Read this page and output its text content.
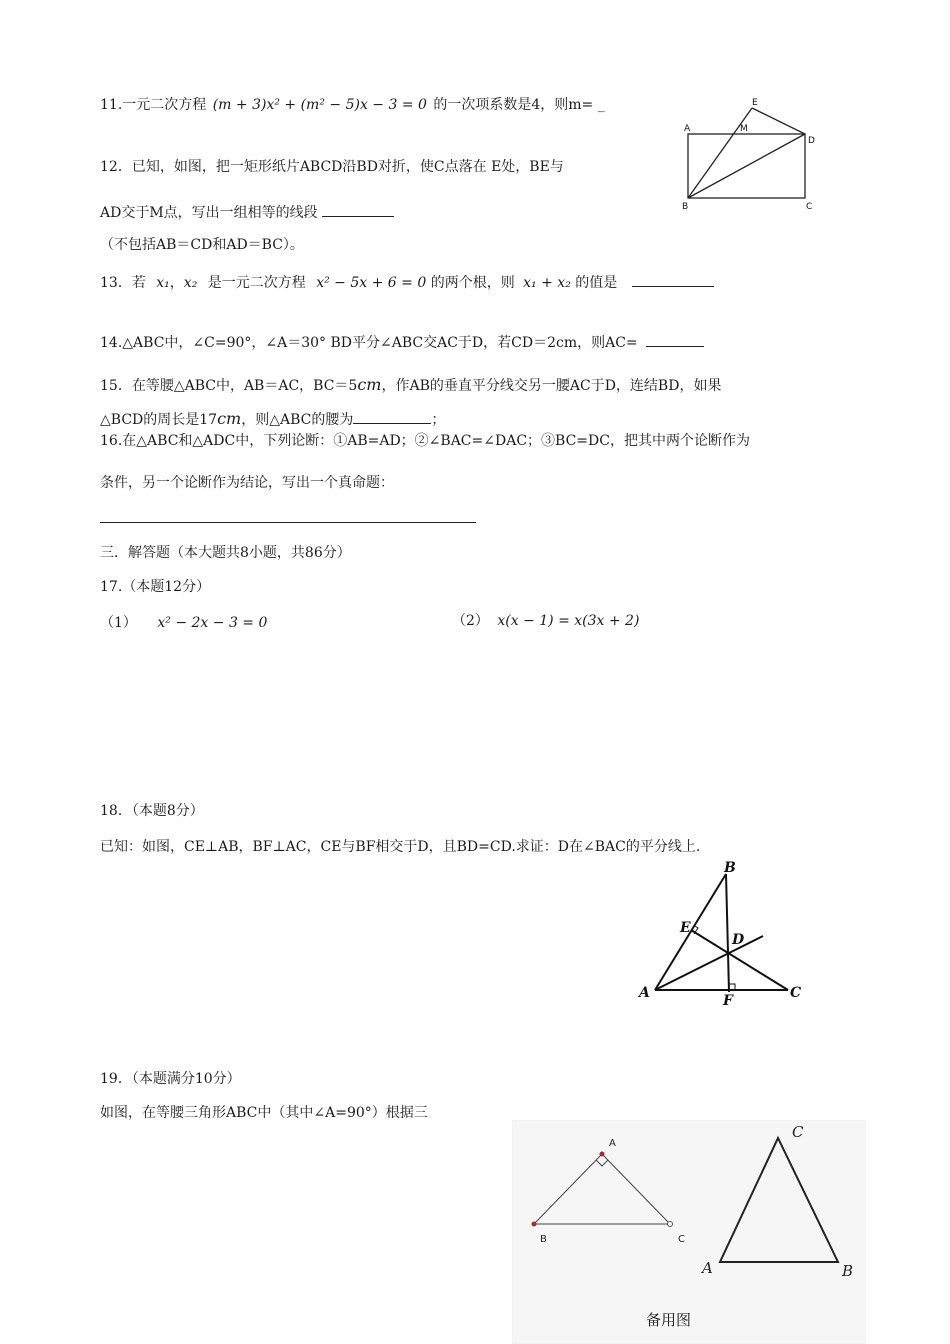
11.一元二次方程 (m + 3)x² + (m² − 5)x − 3 = 0 的一次项系数是4，则m= _
12．已知，如图，把一矩形纸片ABCD沿BD对折，使C点落在 E处，BE与
AD交于M点，写出一组相等的线段
（不包括AB＝CD和AD＝BC）。
E
A	M
D
B	C
13．若 x₁，x₂ 是一元二次方程 x² − 5x + 6 = 0 的两个根，则 x₁ + x₂ 的值是
14.△ABC中，∠C=90°，∠A＝30° BD平分∠ABC交AC于D，若CD＝2cm，则AC=
15．在等腰△ABC中，AB＝AC，BC＝5cm，作AB的垂直平分线交另一腰AC于D，连结BD，如果
△BCD的周长是17cm，则△ABC的腰为	；
16.在△ABC和△ADC中，下列论断：①AB=AD；②∠BAC=∠DAC；③BC=DC，把其中两个论断作为
条件，另一个论断作为结论，写出一个真命题：
三．解答题（本大题共8小题，共86分）
17.（本题12分）
（1） x² − 2x − 3 = 0	（2） x(x − 1) = x(3x + 2)
18．（本题8分）
已知：如图，CE⊥AB，BF⊥AC，CE与BF相交于D，且BD=CD.求证：D在∠BAC的平分线上.
B
E
D
A	F	C
19．（本题满分10分）
如图，在等腰三角形ABC中（其中∠A=90°）根据三
A
B	C
C
A	B
备用图
